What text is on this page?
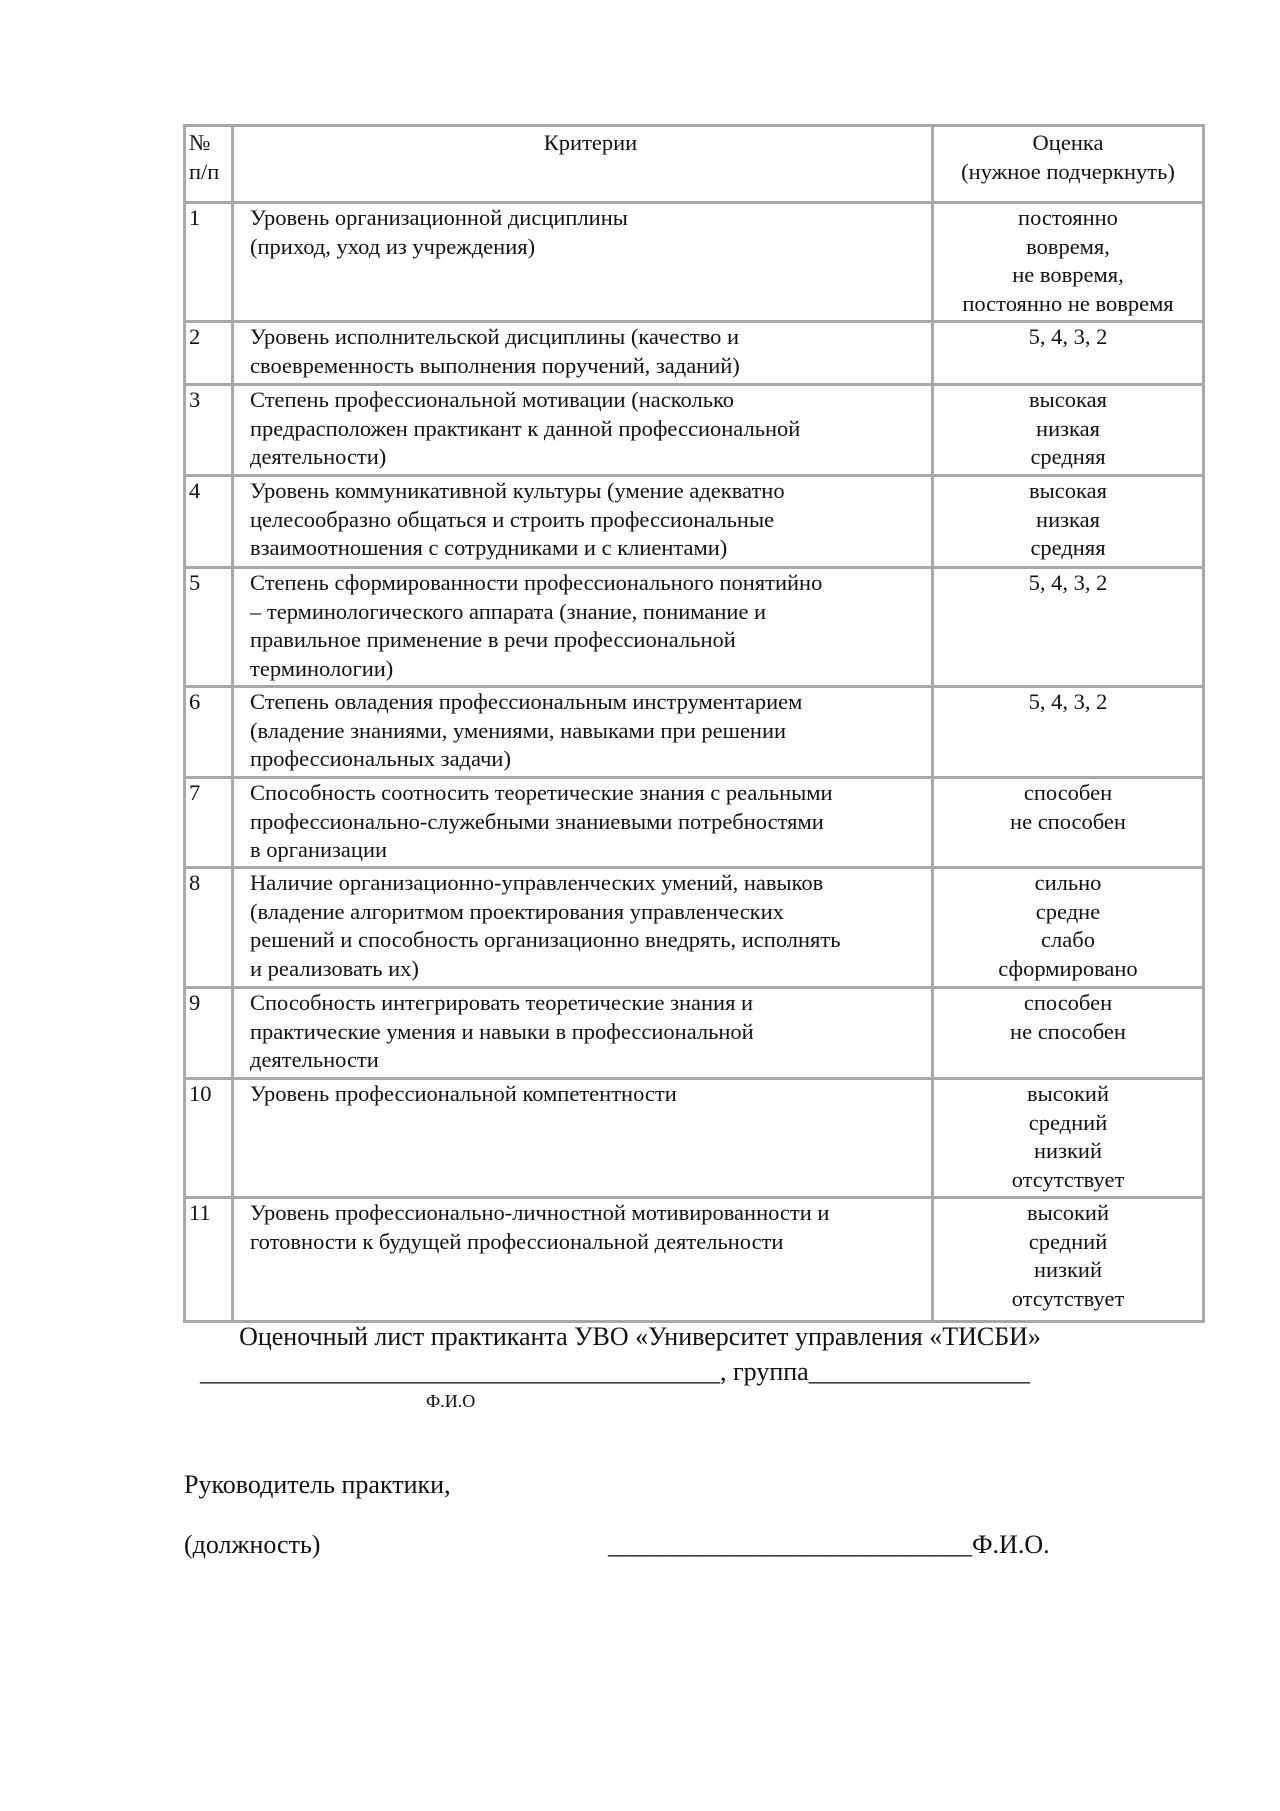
№
п/п	Критерии	Оценка
(нужное подчеркнуть)

1	Уровень организационной дисциплины
(приход, уход из учреждения)	постоянно
вовремя,
не вовремя,
постоянно не вовремя

2	Уровень исполнительской дисциплины (качество и
своевременность выполнения поручений, заданий)	5, 4, 3, 2

3	Степень профессиональной мотивации (насколько
предрасположен практикант к данной профессиональной
деятельности)	высокая
низкая
средняя

4	Уровень коммуникативной культуры (умение адекватно
целесообразно общаться и строить профессиональные
взаимоотношения с сотрудниками и с клиентами)	высокая
низкая
средняя

5	Степень сформированности профессионального понятийно
– терминологического аппарата (знание, понимание и
правильное применение в речи профессиональной
терминологии)	5, 4, 3, 2

6	Степень овладения профессиональным инструментарием
(владение знаниями, умениями, навыками при решении
профессиональных задачи)	5, 4, 3, 2

7	Способность соотносить теоретические знания с реальными
профессионально-служебными знаниевыми потребностями
в организации	способен
не способен

8	Наличие организационно-управленческих умений, навыков
(владение алгоритмом проектирования управленческих
решений и способность организационно внедрять, исполнять
и реализовать их)	сильно
средне
слабо
сформировано

9	Способность интегрировать теоретические знания и
практические умения и навыки в профессиональной
деятельности	способен
не способен

10	Уровень профессиональной компетентности	высокий
средний
низкий
отсутствует

11	Уровень профессионально-личностной мотивированности и
готовности к будущей профессиональной деятельности	высокий
средний
низкий
отсутствует
Оценочный лист практиканта УВО «Университет управления «ТИСБИ»
________________________________________, группа_________________
Ф.И.О
Руководитель практики,
(должность)	____________________________Ф.И.О.
